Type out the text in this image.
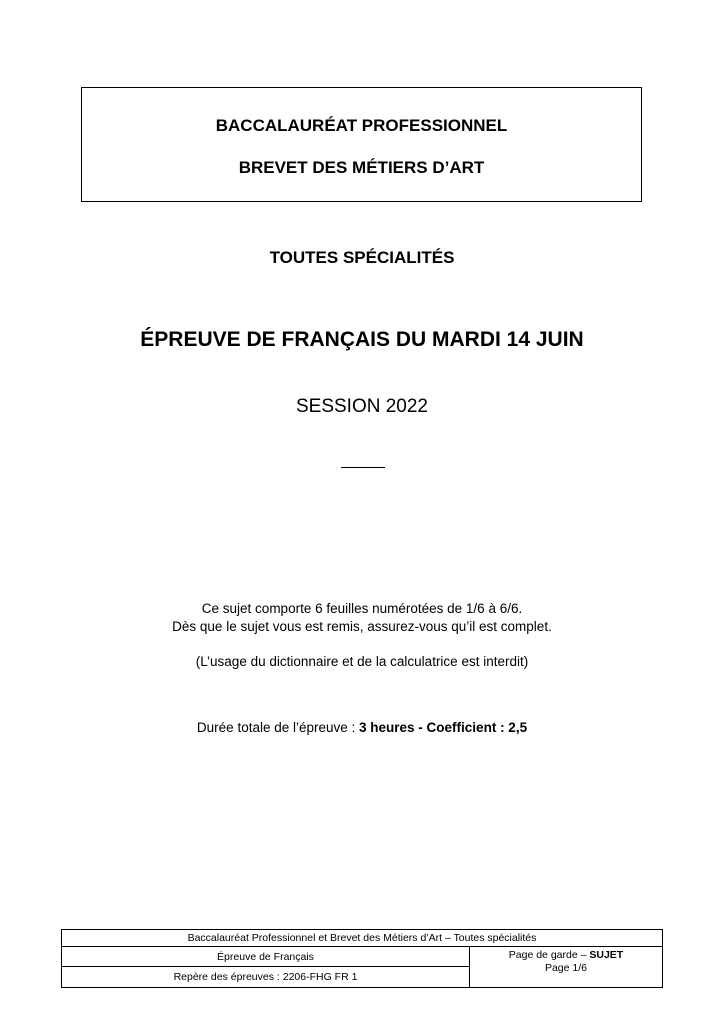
BACCALAURÉAT PROFESSIONNEL
BREVET DES MÉTIERS D’ART
TOUTES SPÉCIALITÉS
ÉPREUVE DE FRANÇAIS DU MARDI 14 JUIN
SESSION 2022
Ce sujet comporte 6 feuilles numérotées de 1/6 à 6/6.
Dès que le sujet vous est remis, assurez-vous qu’il est complet.
(L’usage du dictionnaire et de la calculatrice est interdit)
Durée totale de l’épreuve : 3 heures - Coefficient : 2,5
Baccalauréat Professionnel et Brevet des Métiers d’Art – Toutes spécialités
Épreuve de Français
Repère des épreuves : 2206-FHG FR 1
Page de garde – SUJET
Page 1/6
